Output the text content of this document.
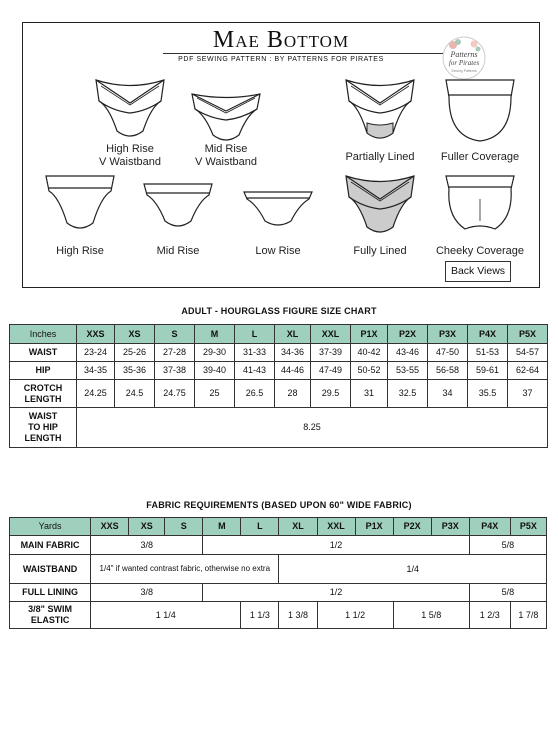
Mae Bottom
PDF SEWING PATTERN : BY PATTERNS FOR PIRATES
Patterns
for Pirates
Sewing Patterns
High Rise
V Waistband
Mid Rise
V Waistband	Partially Lined	Fuller Coverage
High Rise	Mid Rise	Low Rise	Fully Lined	Cheeky Coverage
Back Views
ADULT - HOURGLASS FIGURE SIZE CHART
Inches	XXS	XS	S	M	L	XL	XXL	P1X	P2X	P3X	P4X	P5X
WAIST	23-24	25-26	27-28	29-30	31-33	34-36	37-39	40-42	43-46	47-50	51-53	54-57
HIP	34-35	35-36	37-38	39-40	41-43	44-46	47-49	50-52	53-55	56-58	59-61	62-64

CROTCH
LENGTH	24.25	24.5	24.75	25	26.5	28	29.5	31	32.5	34	35.5	37

WAIST
TO HIP
LENGTH	8.25											
FABRIC REQUIREMENTS (BASED UPON 60" WIDE FABRIC)
Yards	XXS	XS	S	M	L	XL	XXL	P1X	P2X	P3X	P4X	P5X
MAIN FABRIC	3/8			1/2							5/8	
WAISTBAND	1/4" if wanted contrast fabric, otherwise no extra					1/4						
FULL LINING	3/8			1/2							5/8	

3/8" SWIM
ELASTIC	1 1/4				1 1/3	1 3/8	1 1/2		1 5/8		1 2/3	1 7/8
